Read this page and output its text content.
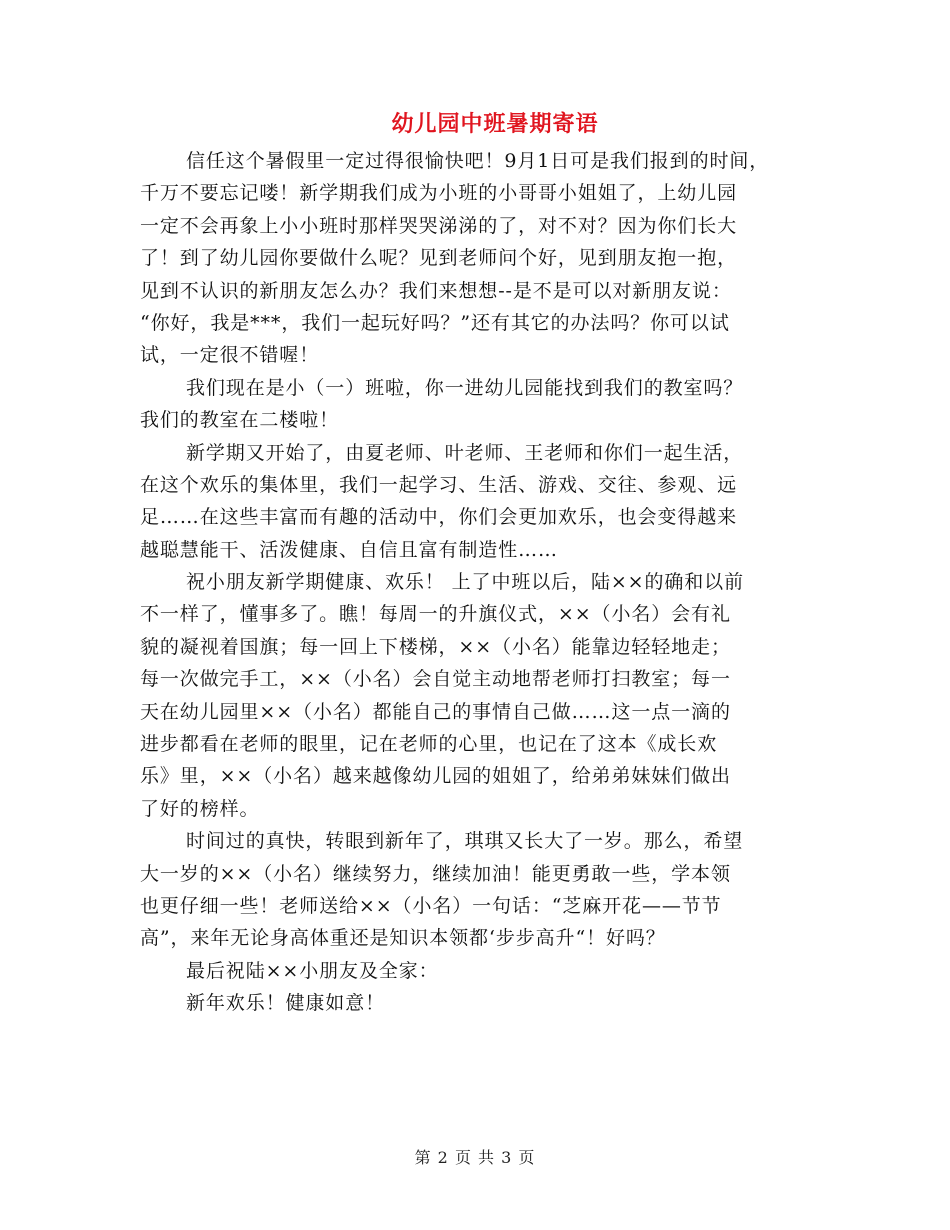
幼儿园中班暑期寄语
信任这个暑假里一定过得很愉快吧！9月1日可是我们报到的时间，
千万不要忘记喽！新学期我们成为小班的小哥哥小姐姐了，上幼儿园
一定不会再象上小小班时那样哭哭涕涕的了，对不对？因为你们长大
了！到了幼儿园你要做什么呢？见到老师问个好，见到朋友抱一抱，
见到不认识的新朋友怎么办？我们来想想--是不是可以对新朋友说：
“你好，我是***，我们一起玩好吗？”还有其它的办法吗？你可以试
试，一定很不错喔！
我们现在是小（一）班啦，你一进幼儿园能找到我们的教室吗？
我们的教室在二楼啦！
新学期又开始了，由夏老师、叶老师、王老师和你们一起生活，
在这个欢乐的集体里，我们一起学习、生活、游戏、交往、参观、远
足……在这些丰富而有趣的活动中，你们会更加欢乐，也会变得越来
越聪慧能干、活泼健康、自信且富有制造性……
祝小朋友新学期健康、欢乐！ 上了中班以后，陆××的确和以前
不一样了，懂事多了。瞧！每周一的升旗仪式，××（小名）会有礼
貌的凝视着国旗；每一回上下楼梯，××（小名）能靠边轻轻地走；
每一次做完手工，××（小名）会自觉主动地帮老师打扫教室；每一
天在幼儿园里××（小名）都能自己的事情自己做……这一点一滴的
进步都看在老师的眼里，记在老师的心里，也记在了这本《成长欢
乐》里，××（小名）越来越像幼儿园的姐姐了，给弟弟妹妹们做出
了好的榜样。
时间过的真快，转眼到新年了，琪琪又长大了一岁。那么，希望
大一岁的××（小名）继续努力，继续加油！能更勇敢一些，学本领
也更仔细一些！老师送给××（小名）一句话：“芝麻开花——节节
高”，来年无论身高体重还是知识本领都‘步步高升“！好吗？
最后祝陆××小朋友及全家：
新年欢乐！健康如意！
第 2 页 共 3 页
